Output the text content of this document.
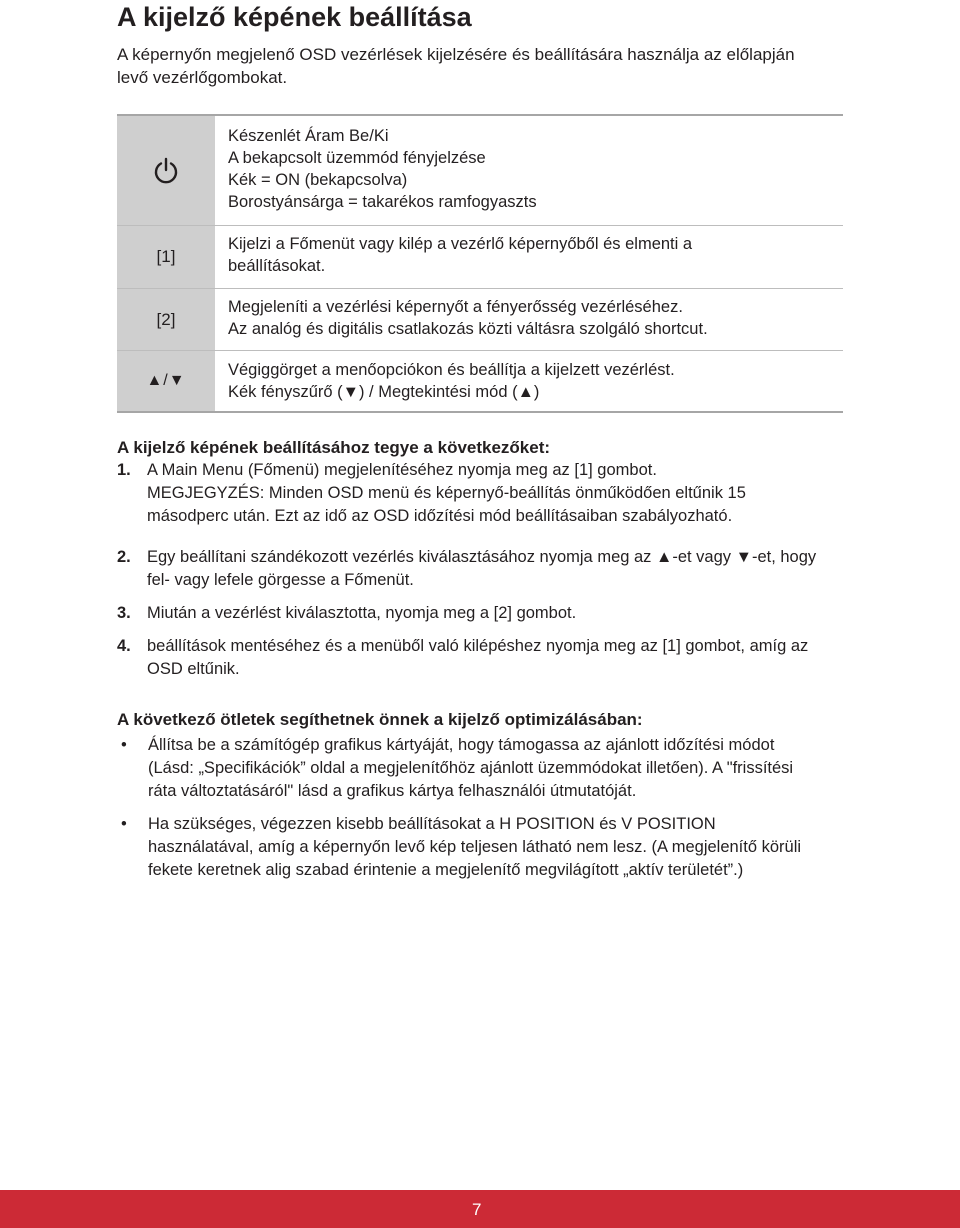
A kijelző képének beállítása

A képernyőn megjelenő OSD vezérlések kijelzésére és beállítására használja az előlapján levő vezérlőgombokat.

Készenlét Áram Be/Ki
A bekapcsolt üzemmód fényjelzése
Kék = ON (bekapcsolva)
Borostyánsárga = takarékos ramfogyaszts
[1]
Kijelzi a Főmenüt vagy kilép a vezérlő képernyőből és elmenti a
beállításokat.
[2]
Megjeleníti a vezérlési képernyőt a fényerősség vezérléséhez.
Az analóg és digitális csatlakozás közti váltásra szolgáló shortcut.
▲/▼
Végiggörget a menőopciókon és beállítja a kijelzett vezérlést.
Kék fényszűrő (▼) / Megtekintési mód (▲)
A kijelző képének beállításához tegye a következőket:
1. A Main Menu (Főmenü) megjelenítéséhez nyomja meg az [1] gombot.
MEGJEGYZÉS: Minden OSD menü és képernyő-beállítás önműködően eltűnik 15 másodperc után. Ezt az idő az OSD időzítési mód beállításaiban szabályozható.
2. Egy beállítani szándékozott vezérlés kiválasztásához nyomja meg az ▲-et vagy ▼-et, hogy fel- vagy lefele görgesse a Főmenüt.
3. Miután a vezérlést kiválasztotta, nyomja meg a [2] gombot.
4. beállítások mentéséhez és a menüből való kilépéshez nyomja meg az [1] gombot, amíg az OSD eltűnik.
A következő ötletek segíthetnek önnek a kijelző optimizálásában:
•	Állítsa be a számítógép grafikus kártyáját, hogy támogassa az ajánlott időzítési módot (Lásd: „Specifikációk” oldal a megjelenítőhöz ajánlott üzemmódokat illetően). A "frissítési ráta változtatásáról" lásd a grafikus kártya felhasználói útmutatóját.
•	Ha szükséges, végezzen kisebb beállításokat a H POSITION és V POSITION használatával, amíg a képernyőn levő kép teljesen látható nem lesz. (A megjelenítő körüli fekete keretnek alig szabad érintenie a megjelenítő megvilágított „aktív területét”.)
7
